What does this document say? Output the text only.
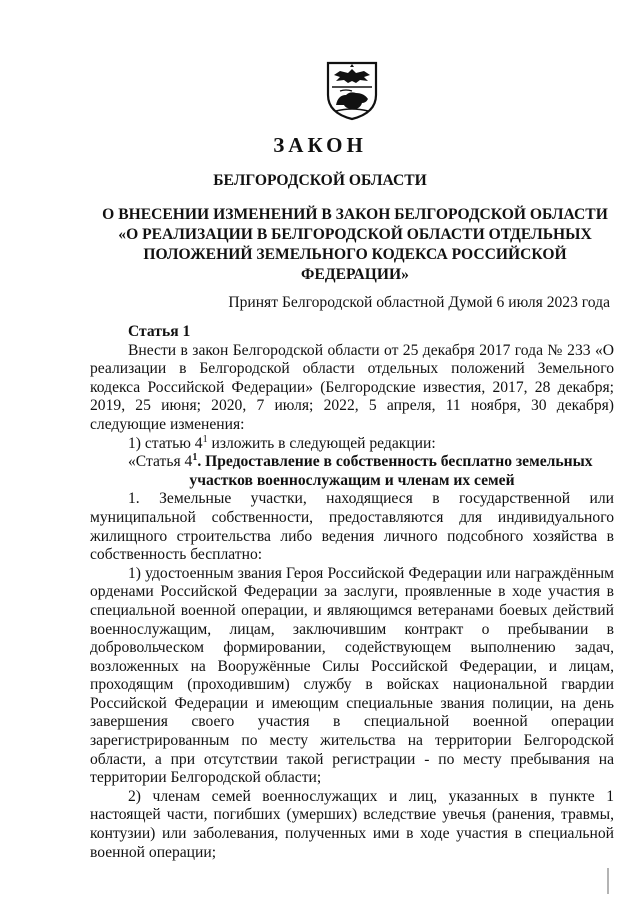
ЗАКОН
БЕЛГОРОДСКОЙ ОБЛАСТИ
О ВНЕСЕНИИ ИЗМЕНЕНИЙ В ЗАКОН БЕЛГОРОДСКОЙ ОБЛАСТИ
«О РЕАЛИЗАЦИИ В БЕЛГОРОДСКОЙ ОБЛАСТИ ОТДЕЛЬНЫХ
ПОЛОЖЕНИЙ ЗЕМЕЛЬНОГО КОДЕКСА РОССИЙСКОЙ
ФЕДЕРАЦИИ»
Принят Белгородской областной Думой 6 июля 2023 года

Статья 1

Внести в закон Белгородской области от 25 декабря 2017 года № 233 «О реализации в Белгородской области отдельных положений Земельного кодекса Российской Федерации» (Белгородские известия, 2017, 28 декабря; 2019, 25 июня; 2020, 7 июля; 2022, 5 апреля, 11 ноября, 30 декабря) следующие изменения:

1) статью $4^1$ изложить в следующей редакции:

«Статья $4^1$. Предоставление в собственность бесплатно земельных

участков военнослужащим и членам их семей

1. Земельные участки, находящиеся в государственной или муниципальной собственности, предоставляются для индивидуального жилищного строительства либо ведения личного подсобного хозяйства в собственность бесплатно:

1) удостоенным звания Героя Российской Федерации или награждённым орденами Российской Федерации за заслуги, проявленные в ходе участия в специальной военной операции, и являющимся ветеранами боевых действий военнослужащим, лицам, заключившим контракт о пребывании в добровольческом формировании, содействующем выполнению задач, возложенных на Вооружённые Силы Российской Федерации, и лицам, проходящим (проходившим) службу в войсках национальной гвардии Российской Федерации и имеющим специальные звания полиции, на день завершения своего участия в специальной военной операции зарегистрированным по месту жительства на территории Белгородской области, а при отсутствии такой регистрации - по месту пребывания на территории Белгородской области;

2) членам семей военнослужащих и лиц, указанных в пункте 1 настоящей части, погибших (умерших) вследствие увечья (ранения, травмы, контузии) или заболевания, полученных ими в ходе участия в специальной военной операции;
